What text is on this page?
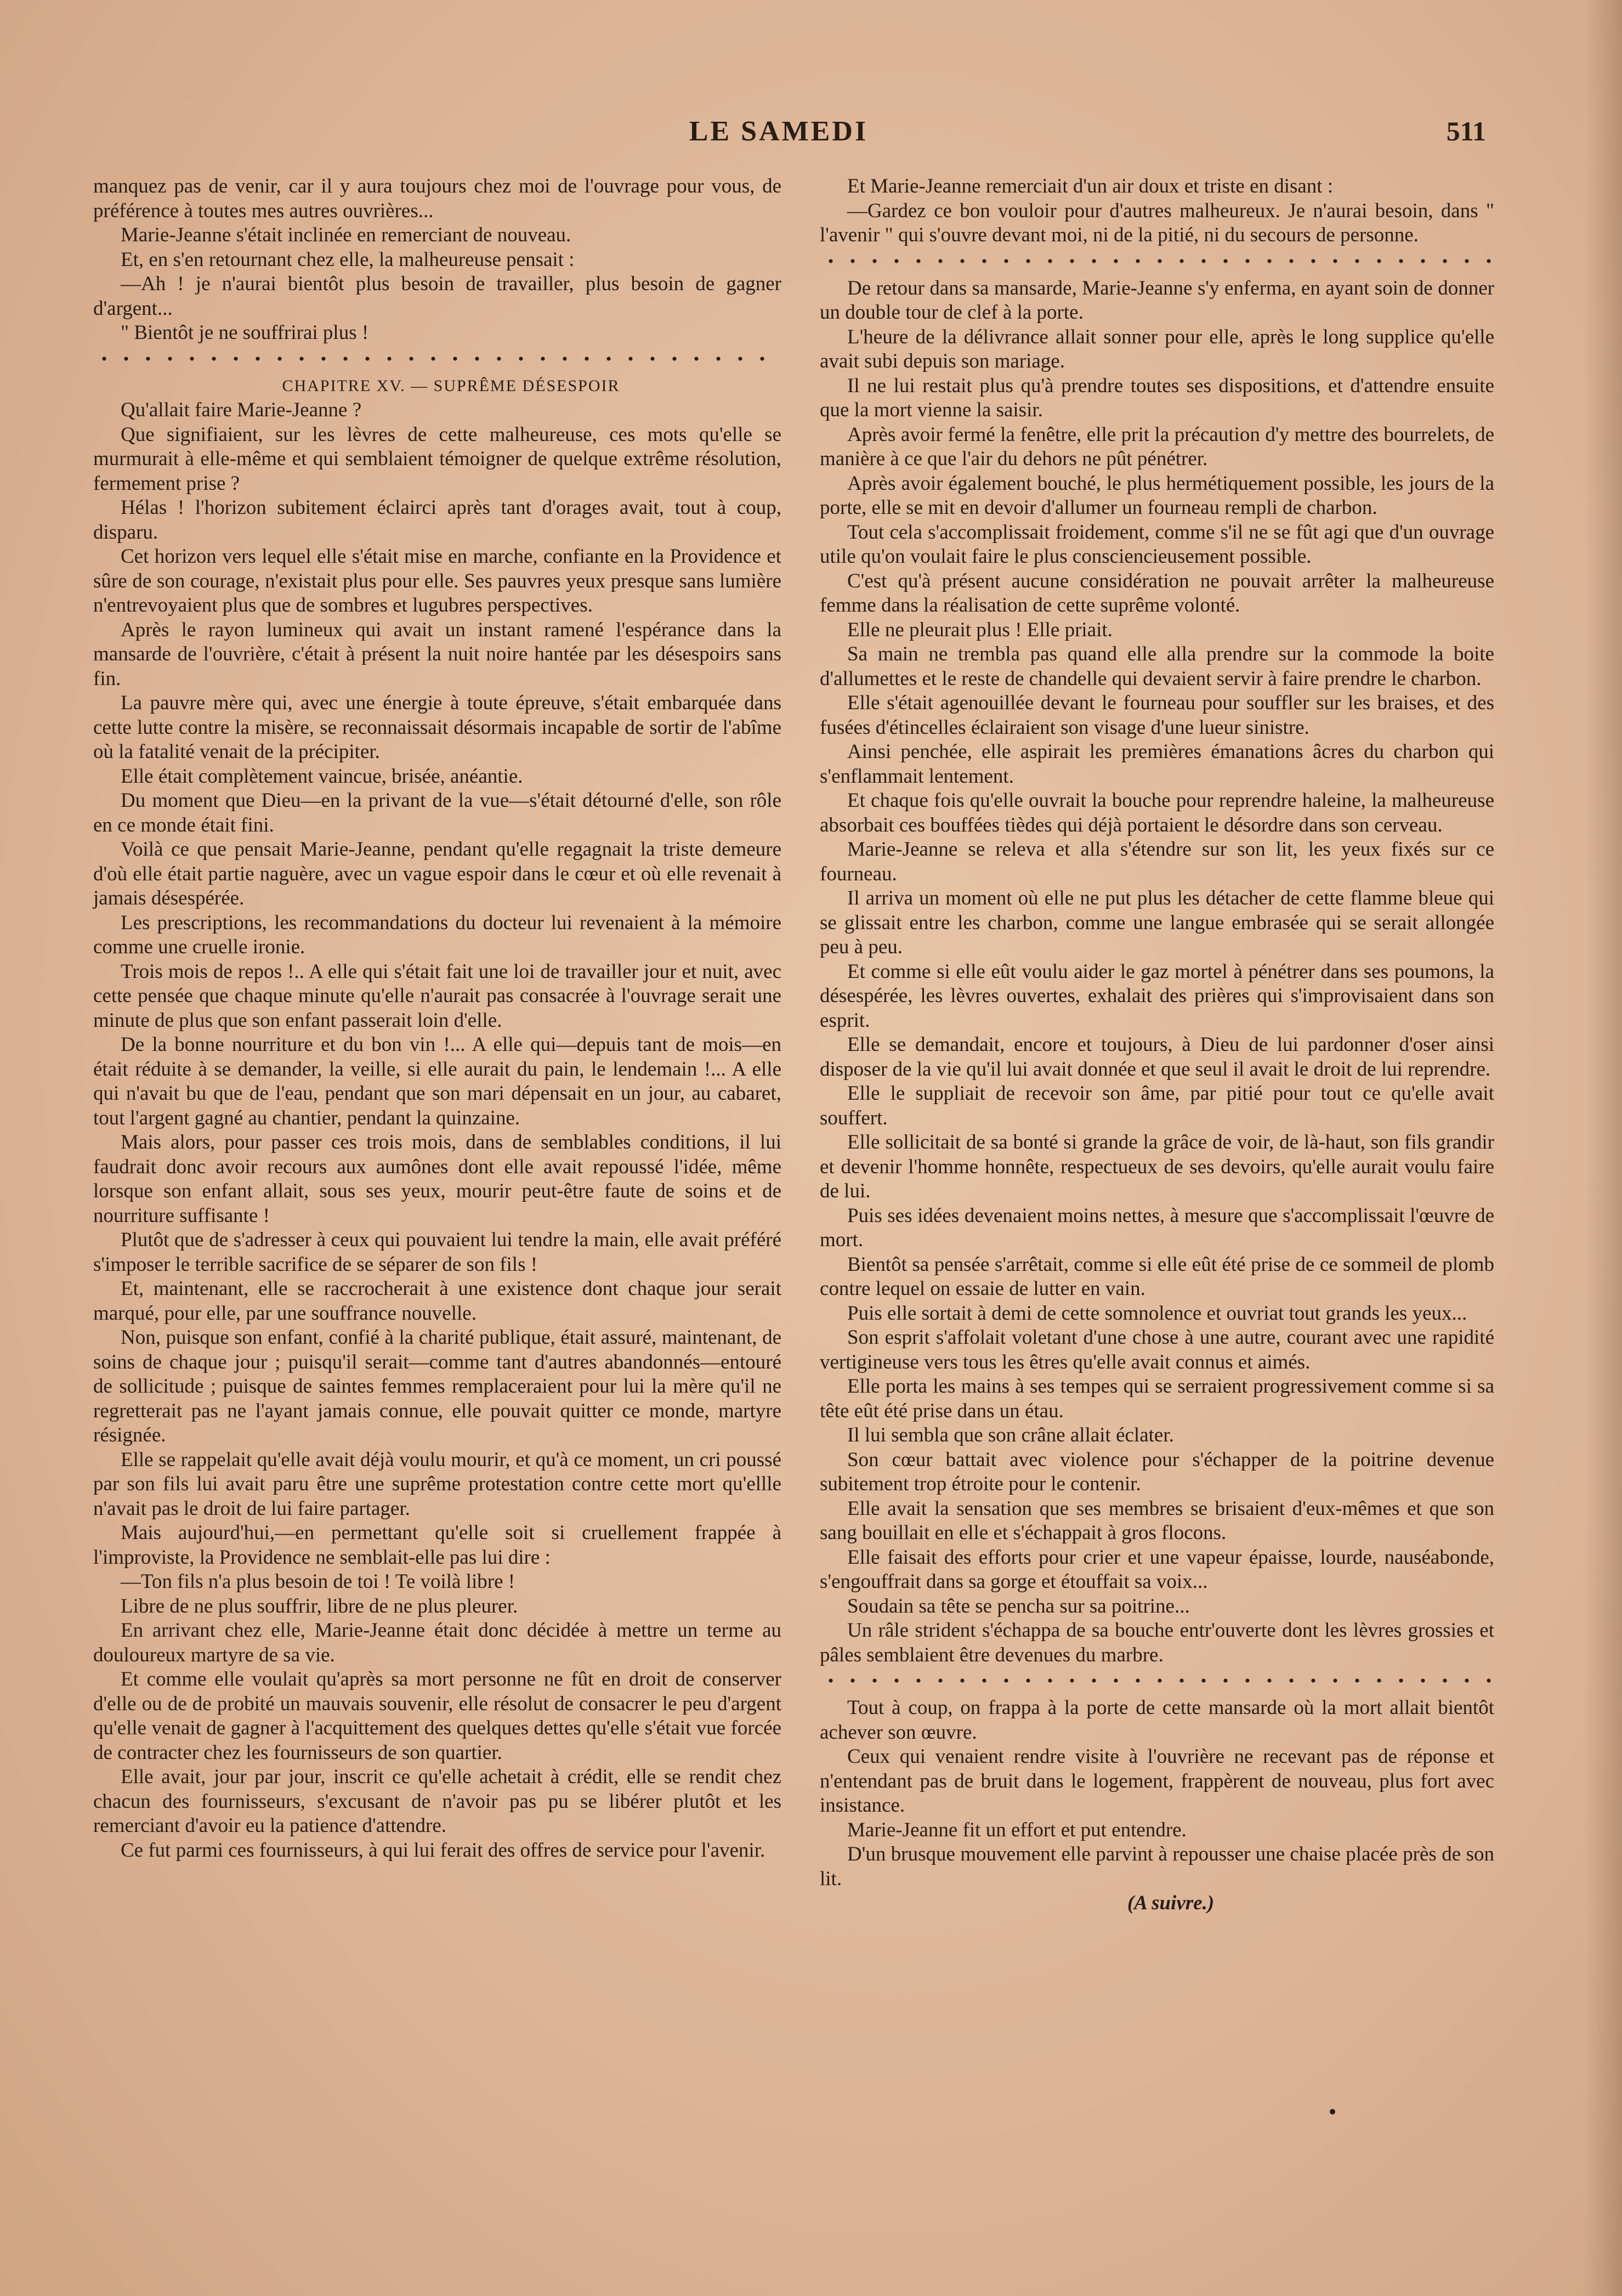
LE SAMEDI	511

manquez pas de venir, car il y aura toujours chez moi de l'ouvrage pour vous, de préférence à toutes mes autres ouvrières...

Marie-Jeanne s'était inclinée en remerciant de nouveau.

Et, en s'en retournant chez elle, la malheureuse pensait :

—Ah ! je n'aurai bientôt plus besoin de travailler, plus besoin de gagner d'argent...

" Bientôt je ne souffrirai plus !

CHAPITRE XV. — SUPRÊME DÉSESPOIR

Qu'allait faire Marie-Jeanne ?

Que signifiaient, sur les lèvres de cette malheureuse, ces mots qu'elle se murmurait à elle-même et qui semblaient témoigner de quelque extrême résolution, fermement prise ?

Hélas ! l'horizon subitement éclairci après tant d'orages avait, tout à coup, disparu.

Cet horizon vers lequel elle s'était mise en marche, confiante en la Providence et sûre de son courage, n'existait plus pour elle. Ses pauvres yeux presque sans lumière n'entrevoyaient plus que de sombres et lugubres perspectives.

Après le rayon lumineux qui avait un instant ramené l'espérance dans la mansarde de l'ouvrière, c'était à présent la nuit noire hantée par les désespoirs sans fin.

La pauvre mère qui, avec une énergie à toute épreuve, s'était embarquée dans cette lutte contre la misère, se reconnaissait désormais incapable de sortir de l'abîme où la fatalité venait de la précipiter.

Elle était complètement vaincue, brisée, anéantie.

Du moment que Dieu—en la privant de la vue—s'était détourné d'elle, son rôle en ce monde était fini.

Voilà ce que pensait Marie-Jeanne, pendant qu'elle regagnait la triste demeure d'où elle était partie naguère, avec un vague espoir dans le cœur et où elle revenait à jamais désespérée.

Les prescriptions, les recommandations du docteur lui revenaient à la mémoire comme une cruelle ironie.

Trois mois de repos !.. A elle qui s'était fait une loi de travailler jour et nuit, avec cette pensée que chaque minute qu'elle n'aurait pas consacrée à l'ouvrage serait une minute de plus que son enfant passerait loin d'elle.

De la bonne nourriture et du bon vin !... A elle qui—depuis tant de mois—en était réduite à se demander, la veille, si elle aurait du pain, le lendemain !... A elle qui n'avait bu que de l'eau, pendant que son mari dépensait en un jour, au cabaret, tout l'argent gagné au chantier, pendant la quinzaine.

Mais alors, pour passer ces trois mois, dans de semblables conditions, il lui faudrait donc avoir recours aux aumônes dont elle avait repoussé l'idée, même lorsque son enfant allait, sous ses yeux, mourir peut-être faute de soins et de nourriture suffisante !

Plutôt que de s'adresser à ceux qui pouvaient lui tendre la main, elle avait préféré s'imposer le terrible sacrifice de se séparer de son fils !

Et, maintenant, elle se raccrocherait à une existence dont chaque jour serait marqué, pour elle, par une souffrance nouvelle.

Non, puisque son enfant, confié à la charité publique, était assuré, maintenant, de soins de chaque jour ; puisqu'il serait—comme tant d'autres abandonnés—entouré de sollicitude ; puisque de saintes femmes remplaceraient pour lui la mère qu'il ne regretterait pas ne l'ayant jamais connue, elle pouvait quitter ce monde, martyre résignée.

Elle se rappelait qu'elle avait déjà voulu mourir, et qu'à ce moment, un cri poussé par son fils lui avait paru être une suprême protestation contre cette mort qu'ellle n'avait pas le droit de lui faire partager.

Mais aujourd'hui,—en permettant qu'elle soit si cruellement frappée à l'improviste, la Providence ne semblait-elle pas lui dire :

—Ton fils n'a plus besoin de toi ! Te voilà libre !

Libre de ne plus souffrir, libre de ne plus pleurer.

En arrivant chez elle, Marie-Jeanne était donc décidée à mettre un terme au douloureux martyre de sa vie.

Et comme elle voulait qu'après sa mort personne ne fût en droit de conserver d'elle ou de de probité un mauvais souvenir, elle résolut de consacrer le peu d'argent qu'elle venait de gagner à l'acquittement des quelques dettes qu'elle s'était vue forcée de contracter chez les fournisseurs de son quartier.

Elle avait, jour par jour, inscrit ce qu'elle achetait à crédit, elle se rendit chez chacun des fournisseurs, s'excusant de n'avoir pas pu se libérer plutôt et les remerciant d'avoir eu la patience d'attendre.

Ce fut parmi ces fournisseurs, à qui lui ferait des offres de service pour l'avenir.

Et Marie-Jeanne remerciait d'un air doux et triste en disant :

—Gardez ce bon vouloir pour d'autres malheureux. Je n'aurai besoin, dans " l'avenir " qui s'ouvre devant moi, ni de la pitié, ni du secours de personne.

De retour dans sa mansarde, Marie-Jeanne s'y enferma, en ayant soin de donner un double tour de clef à la porte.

L'heure de la délivrance allait sonner pour elle, après le long supplice qu'elle avait subi depuis son mariage.

Il ne lui restait plus qu'à prendre toutes ses dispositions, et d'attendre ensuite que la mort vienne la saisir.

Après avoir fermé la fenêtre, elle prit la précaution d'y mettre des bourrelets, de manière à ce que l'air du dehors ne pût pénétrer.

Après avoir également bouché, le plus hermétiquement possible, les jours de la porte, elle se mit en devoir d'allumer un fourneau rempli de charbon.

Tout cela s'accomplissait froidement, comme s'il ne se fût agi que d'un ouvrage utile qu'on voulait faire le plus consciencieusement possible.

C'est qu'à présent aucune considération ne pouvait arrêter la malheureuse femme dans la réalisation de cette suprême volonté.

Elle ne pleurait plus ! Elle priait.

Sa main ne trembla pas quand elle alla prendre sur la commode la boite d'allumettes et le reste de chandelle qui devaient servir à faire prendre le charbon.

Elle s'était agenouillée devant le fourneau pour souffler sur les braises, et des fusées d'étincelles éclairaient son visage d'une lueur sinistre.

Ainsi penchée, elle aspirait les premières émanations âcres du charbon qui s'enflammait lentement.

Et chaque fois qu'elle ouvrait la bouche pour reprendre haleine, la malheureuse absorbait ces bouffées tièdes qui déjà portaient le désordre dans son cerveau.

Marie-Jeanne se releva et alla s'étendre sur son lit, les yeux fixés sur ce fourneau.

Il arriva un moment où elle ne put plus les détacher de cette flamme bleue qui se glissait entre les charbon, comme une langue embrasée qui se serait allongée peu à peu.

Et comme si elle eût voulu aider le gaz mortel à pénétrer dans ses poumons, la désespérée, les lèvres ouvertes, exhalait des prières qui s'improvisaient dans son esprit.

Elle se demandait, encore et toujours, à Dieu de lui pardonner d'oser ainsi disposer de la vie qu'il lui avait donnée et que seul il avait le droit de lui reprendre.

Elle le suppliait de recevoir son âme, par pitié pour tout ce qu'elle avait souffert.

Elle sollicitait de sa bonté si grande la grâce de voir, de là-haut, son fils grandir et devenir l'homme honnête, respectueux de ses devoirs, qu'elle aurait voulu faire de lui.

Puis ses idées devenaient moins nettes, à mesure que s'accomplissait l'œuvre de mort.

Bientôt sa pensée s'arrêtait, comme si elle eût été prise de ce sommeil de plomb contre lequel on essaie de lutter en vain.

Puis elle sortait à demi de cette somnolence et ouvriat tout grands les yeux...

Son esprit s'affolait voletant d'une chose à une autre, courant avec une rapidité vertigineuse vers tous les êtres qu'elle avait connus et aimés.

Elle porta les mains à ses tempes qui se serraient progressivement comme si sa tête eût été prise dans un étau.

Il lui sembla que son crâne allait éclater.

Son cœur battait avec violence pour s'échapper de la poitrine devenue subitement trop étroite pour le contenir.

Elle avait la sensation que ses membres se brisaient d'eux-mêmes et que son sang bouillait en elle et s'échappait à gros flocons.

Elle faisait des efforts pour crier et une vapeur épaisse, lourde, nauséabonde, s'engouffrait dans sa gorge et étouffait sa voix...

Soudain sa tête se pencha sur sa poitrine...

Un râle strident s'échappa de sa bouche entr'ouverte dont les lèvres grossies et pâles semblaient être devenues du marbre.

Tout à coup, on frappa à la porte de cette mansarde où la mort allait bientôt achever son œuvre.

Ceux qui venaient rendre visite à l'ouvrière ne recevant pas de réponse et n'entendant pas de bruit dans le logement, frappèrent de nouveau, plus fort avec insistance.

Marie-Jeanne fit un effort et put entendre.

D'un brusque mouvement elle parvint à repousser une chaise placée près de son lit.

(A suivre.)
